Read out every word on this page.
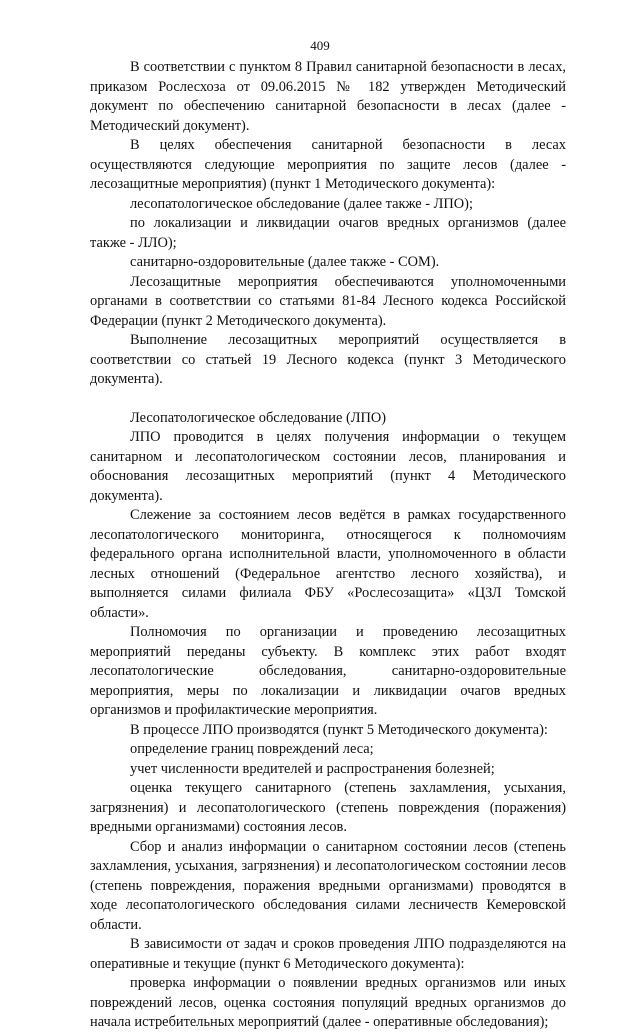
409

В соответствии с пунктом 8 Правил санитарной безопасности в лесах, приказом Рослесхоза от 09.06.2015 № 182 утвержден Методический документ по обеспечению санитарной безопасности в лесах (далее - Методический документ).

В целях обеспечения санитарной безопасности в лесах осуществляются следующие мероприятия по защите лесов (далее - лесозащитные мероприятия) (пункт 1 Методического документа):

лесопатологическое обследование (далее также - ЛПО);

по локализации и ликвидации очагов вредных организмов (далее также - ЛЛО);

санитарно-оздоровительные (далее также - СОМ).

Лесозащитные мероприятия обеспечиваются уполномоченными органами в соответствии со статьями 81-84 Лесного кодекса Российской Федерации (пункт 2 Методического документа).

Выполнение лесозащитных мероприятий осуществляется в соответствии со статьей 19 Лесного кодекса (пункт 3 Методического документа).

Лесопатологическое обследование (ЛПО)

ЛПО проводится в целях получения информации о текущем санитарном и лесопатологическом состоянии лесов, планирования и обоснования лесозащитных мероприятий (пункт 4 Методического документа).

Слежение за состоянием лесов ведётся в рамках государственного лесопатологического мониторинга, относящегося к полномочиям федерального органа исполнительной власти, уполномоченного в области лесных отношений (Федеральное агентство лесного хозяйства), и выполняется силами филиала ФБУ «Рослесозащита» «ЦЗЛ Томской области».

Полномочия по организации и проведению лесозащитных мероприятий переданы субъекту. В комплекс этих работ входят лесопатологические обследования, санитарно-оздоровительные мероприятия, меры по локализации и ликвидации очагов вредных организмов и профилактические мероприятия.

В процессе ЛПО производятся (пункт 5 Методического документа):

определение границ повреждений леса;

учет численности вредителей и распространения болезней;

оценка текущего санитарного (степень захламления, усыхания, загрязнения) и лесопатологического (степень повреждения (поражения) вредными организмами) состояния лесов.

Сбор и анализ информации о санитарном состоянии лесов (степень захламления, усыхания, загрязнения) и лесопатологическом состоянии лесов (степень повреждения, поражения вредными организмами) проводятся в ходе лесопатологического обследования силами лесничеств Кемеровской области.

В зависимости от задач и сроков проведения ЛПО подразделяются на оперативные и текущие (пункт 6 Методического документа):

проверка информации о появлении вредных организмов или иных повреждений лесов, оценка состояния популяций вредных организмов до начала истребительных мероприятий (далее - оперативные обследования);
